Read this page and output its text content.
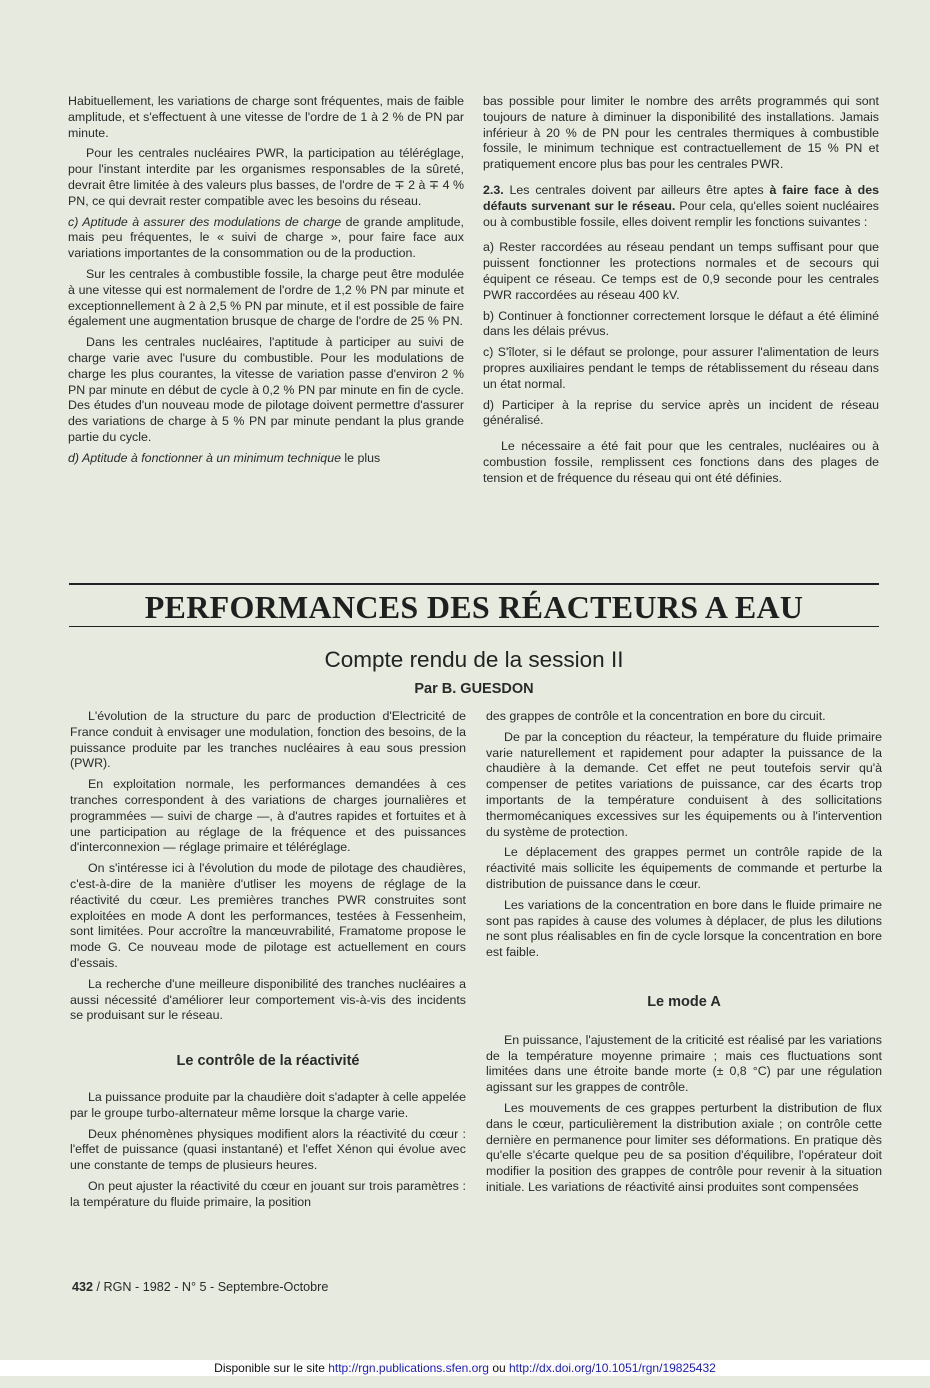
Habituellement, les variations de charge sont fréquentes, mais de faible amplitude, et s'effectuent à une vitesse de l'ordre de 1 à 2 % de PN par minute.

Pour les centrales nucléaires PWR, la participation au téléréglage, pour l'instant interdite par les organismes responsables de la sûreté, devrait être limitée à des valeurs plus basses, de l'ordre de ∓ 2 à ∓ 4 % PN, ce qui devrait rester compatible avec les besoins du réseau.

c) Aptitude à assurer des modulations de charge de grande amplitude, mais peu fréquentes, le « suivi de charge », pour faire face aux variations importantes de la consommation ou de la production.

Sur les centrales à combustible fossile, la charge peut être modulée à une vitesse qui est normalement de l'ordre de 1,2 % PN par minute et exceptionnellement à 2 à 2,5 % PN par minute, et il est possible de faire également une augmentation brusque de charge de l'ordre de 25 % PN.

Dans les centrales nucléaires, l'aptitude à participer au suivi de charge varie avec l'usure du combustible. Pour les modulations de charge les plus courantes, la vitesse de variation passe d'environ 2 % PN par minute en début de cycle à 0,2 % PN par minute en fin de cycle. Des études d'un nouveau mode de pilotage doivent permettre d'assurer des variations de charge à 5 % PN par minute pendant la plus grande partie du cycle.

d) Aptitude à fonctionner à un minimum technique le plus

bas possible pour limiter le nombre des arrêts programmés qui sont toujours de nature à diminuer la disponibilité des installations. Jamais inférieur à 20 % de PN pour les centrales thermiques à combustible fossile, le minimum technique est contractuellement de 15 % PN et pratiquement encore plus bas pour les centrales PWR.

2.3. Les centrales doivent par ailleurs être aptes à faire face à des défauts survenant sur le réseau. Pour cela, qu'elles soient nucléaires ou à combustible fossile, elles doivent remplir les fonctions suivantes :

a) Rester raccordées au réseau pendant un temps suffisant pour que puissent fonctionner les protections normales et de secours qui équipent ce réseau. Ce temps est de 0,9 seconde pour les centrales PWR raccordées au réseau 400 kV.

b) Continuer à fonctionner correctement lorsque le défaut a été éliminé dans les délais prévus.

c) S'îloter, si le défaut se prolonge, pour assurer l'alimentation de leurs propres auxiliaires pendant le temps de rétablissement du réseau dans un état normal.

d) Participer à la reprise du service après un incident de réseau généralisé.

Le nécessaire a été fait pour que les centrales, nucléaires ou à combustion fossile, remplissent ces fonctions dans des plages de tension et de fréquence du réseau qui ont été définies.

PERFORMANCES DES RÉACTEURS A EAU
Compte rendu de la session II
Par B. GUESDON

L'évolution de la structure du parc de production d'Electricité de France conduit à envisager une modulation, fonction des besoins, de la puissance produite par les tranches nucléaires à eau sous pression (PWR).

En exploitation normale, les performances demandées à ces tranches correspondent à des variations de charges journalières et programmées — suivi de charge —, à d'autres rapides et fortuites et à une participation au réglage de la fréquence et des puissances d'interconnexion — réglage primaire et téléréglage.

On s'intéresse ici à l'évolution du mode de pilotage des chaudières, c'est-à-dire de la manière d'utliser les moyens de réglage de la réactivité du cœur. Les premières tranches PWR construites sont exploitées en mode A dont les performances, testées à Fessenheim, sont limitées. Pour accroître la manœuvrabilité, Framatome propose le mode G. Ce nouveau mode de pilotage est actuellement en cours d'essais.

La recherche d'une meilleure disponibilité des tranches nucléaires a aussi nécessité d'améliorer leur comportement vis-à-vis des incidents se produisant sur le réseau.

Le contrôle de la réactivité

La puissance produite par la chaudière doit s'adapter à celle appelée par le groupe turbo-alternateur même lorsque la charge varie.

Deux phénomènes physiques modifient alors la réactivité du cœur : l'effet de puissance (quasi instantané) et l'effet Xénon qui évolue avec une constante de temps de plusieurs heures.

On peut ajuster la réactivité du cœur en jouant sur trois paramètres : la température du fluide primaire, la position

des grappes de contrôle et la concentration en bore du circuit.

De par la conception du réacteur, la température du fluide primaire varie naturellement et rapidement pour adapter la puissance de la chaudière à la demande. Cet effet ne peut toutefois servir qu'à compenser de petites variations de puissance, car des écarts trop importants de la température conduisent à des sollicitations thermomécaniques excessives sur les équipements ou à l'intervention du système de protection.

Le déplacement des grappes permet un contrôle rapide de la réactivité mais sollicite les équipements de commande et perturbe la distribution de puissance dans le cœur.

Les variations de la concentration en bore dans le fluide primaire ne sont pas rapides à cause des volumes à déplacer, de plus les dilutions ne sont plus réalisables en fin de cycle lorsque la concentration en bore est faible.

Le mode A

En puissance, l'ajustement de la criticité est réalisé par les variations de la température moyenne primaire ; mais ces fluctuations sont limitées dans une étroite bande morte (± 0,8 °C) par une régulation agissant sur les grappes de contrôle.

Les mouvements de ces grappes perturbent la distribution de flux dans le cœur, particulièrement la distribution axiale ; on contrôle cette dernière en permanence pour limiter ses déformations. En pratique dès qu'elle s'écarte quelque peu de sa position d'équilibre, l'opérateur doit modifier la position des grappes de contrôle pour revenir à la situation initiale. Les variations de réactivité ainsi produites sont compensées

432 / RGN - 1982 - N° 5 - Septembre-Octobre
Disponible sur le site http://rgn.publications.sfen.org ou http://dx.doi.org/10.1051/rgn/19825432
